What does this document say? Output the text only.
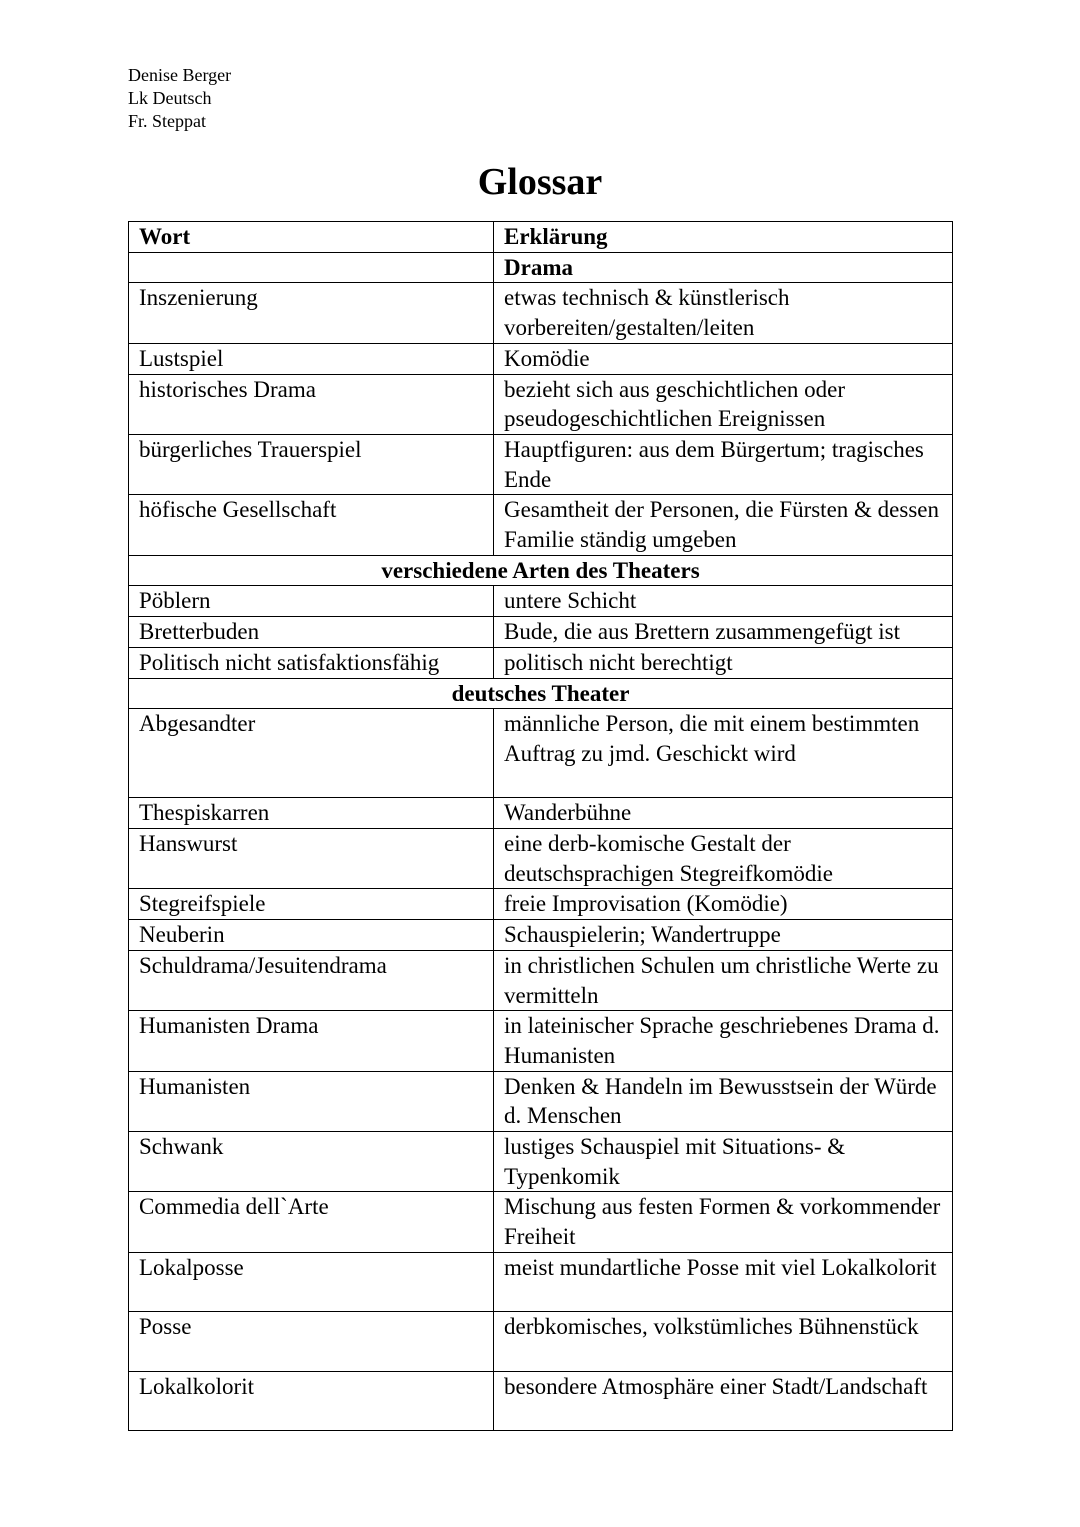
Denise Berger
Lk Deutsch
Fr. Steppat
Glossar
Wort	Erklärung
	Drama
Inszenierung	etwas technisch & künstlerisch vorbereiten/gestalten/leiten
Lustspiel	Komödie
historisches Drama	bezieht sich aus geschichtlichen oder pseudogeschichtlichen Ereignissen
bürgerliches Trauerspiel	Hauptfiguren: aus dem Bürgertum; tragisches Ende
höfische Gesellschaft	Gesamtheit der Personen, die Fürsten & dessen Familie ständig umgeben
verschiedene Arten des Theaters	
Pöblern	untere Schicht
Bretterbuden	Bude, die aus Brettern zusammengefügt ist
Politisch nicht satisfaktionsfähig	politisch nicht berechtigt
deutsches Theater	
Abgesandter	männliche Person, die mit einem bestimmten Auftrag zu jmd. Geschickt wird
Thespiskarren	Wanderbühne
Hanswurst	eine derb-komische Gestalt der deutschsprachigen Stegreifkomödie
Stegreifspiele	freie Improvisation (Komödie)
Neuberin	Schauspielerin; Wandertruppe
Schuldrama/Jesuitendrama	in christlichen Schulen um christliche Werte zu vermitteln
Humanisten Drama	in lateinischer Sprache geschriebenes Drama d. Humanisten
Humanisten	Denken & Handeln im Bewusstsein der Würde d. Menschen
Schwank	lustiges Schauspiel mit Situations- & Typenkomik
Commedia dell`Arte	Mischung aus festen Formen & vorkommender Freiheit
Lokalposse	meist mundartliche Posse mit viel Lokalkolorit
Posse	derbkomisches, volkstümliches Bühnenstück
Lokalkolorit	besondere Atmosphäre einer Stadt/Landschaft
